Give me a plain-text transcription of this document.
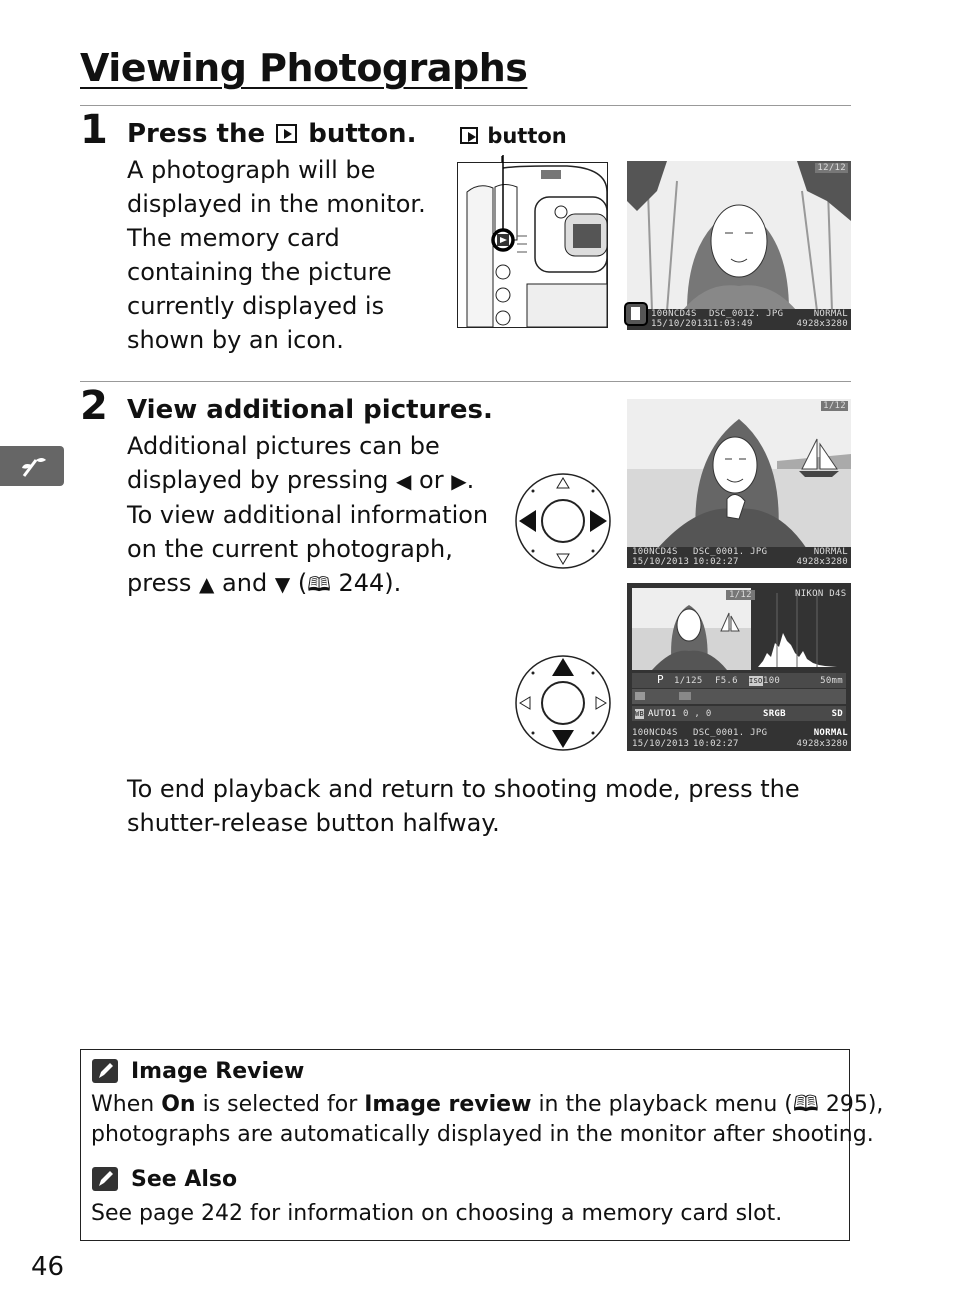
Viewing Photographs
1 Press the button.
A photograph will be displayed in the monitor. The memory card containing the picture currently displayed is shown by an icon.
button
12/12
100NCD4S DSC_0012. JPG	NORMAL
15/10/2013
11:03:49	4928x3280
2 View additional pictures.
Additional pictures can be
displayed by pressing ◀ or ▶.
To view additional information
on the current photograph,
press ▲ and ▼ (🕮 244).
1/12
100NCD4S DSC_0001. JPG	NORMAL
15/10/2013 10:02:27	4928x3280
1/12	NIKON D4S
P 1/125 F5.6 ISO 100	50mm
WB AUTO1 0 , 0	SRGB	SD
100NCD4S DSC_0001. JPG	NORMAL
15/10/2013 10:02:27	4928x3280
To end playback and return to shooting mode, press the shutter-release button halfway.
Image Review
When On is selected for Image review in the playback menu (🕮 295),
photographs are automatically displayed in the monitor after shooting.
See Also
See page 242 for information on choosing a memory card slot.
46
